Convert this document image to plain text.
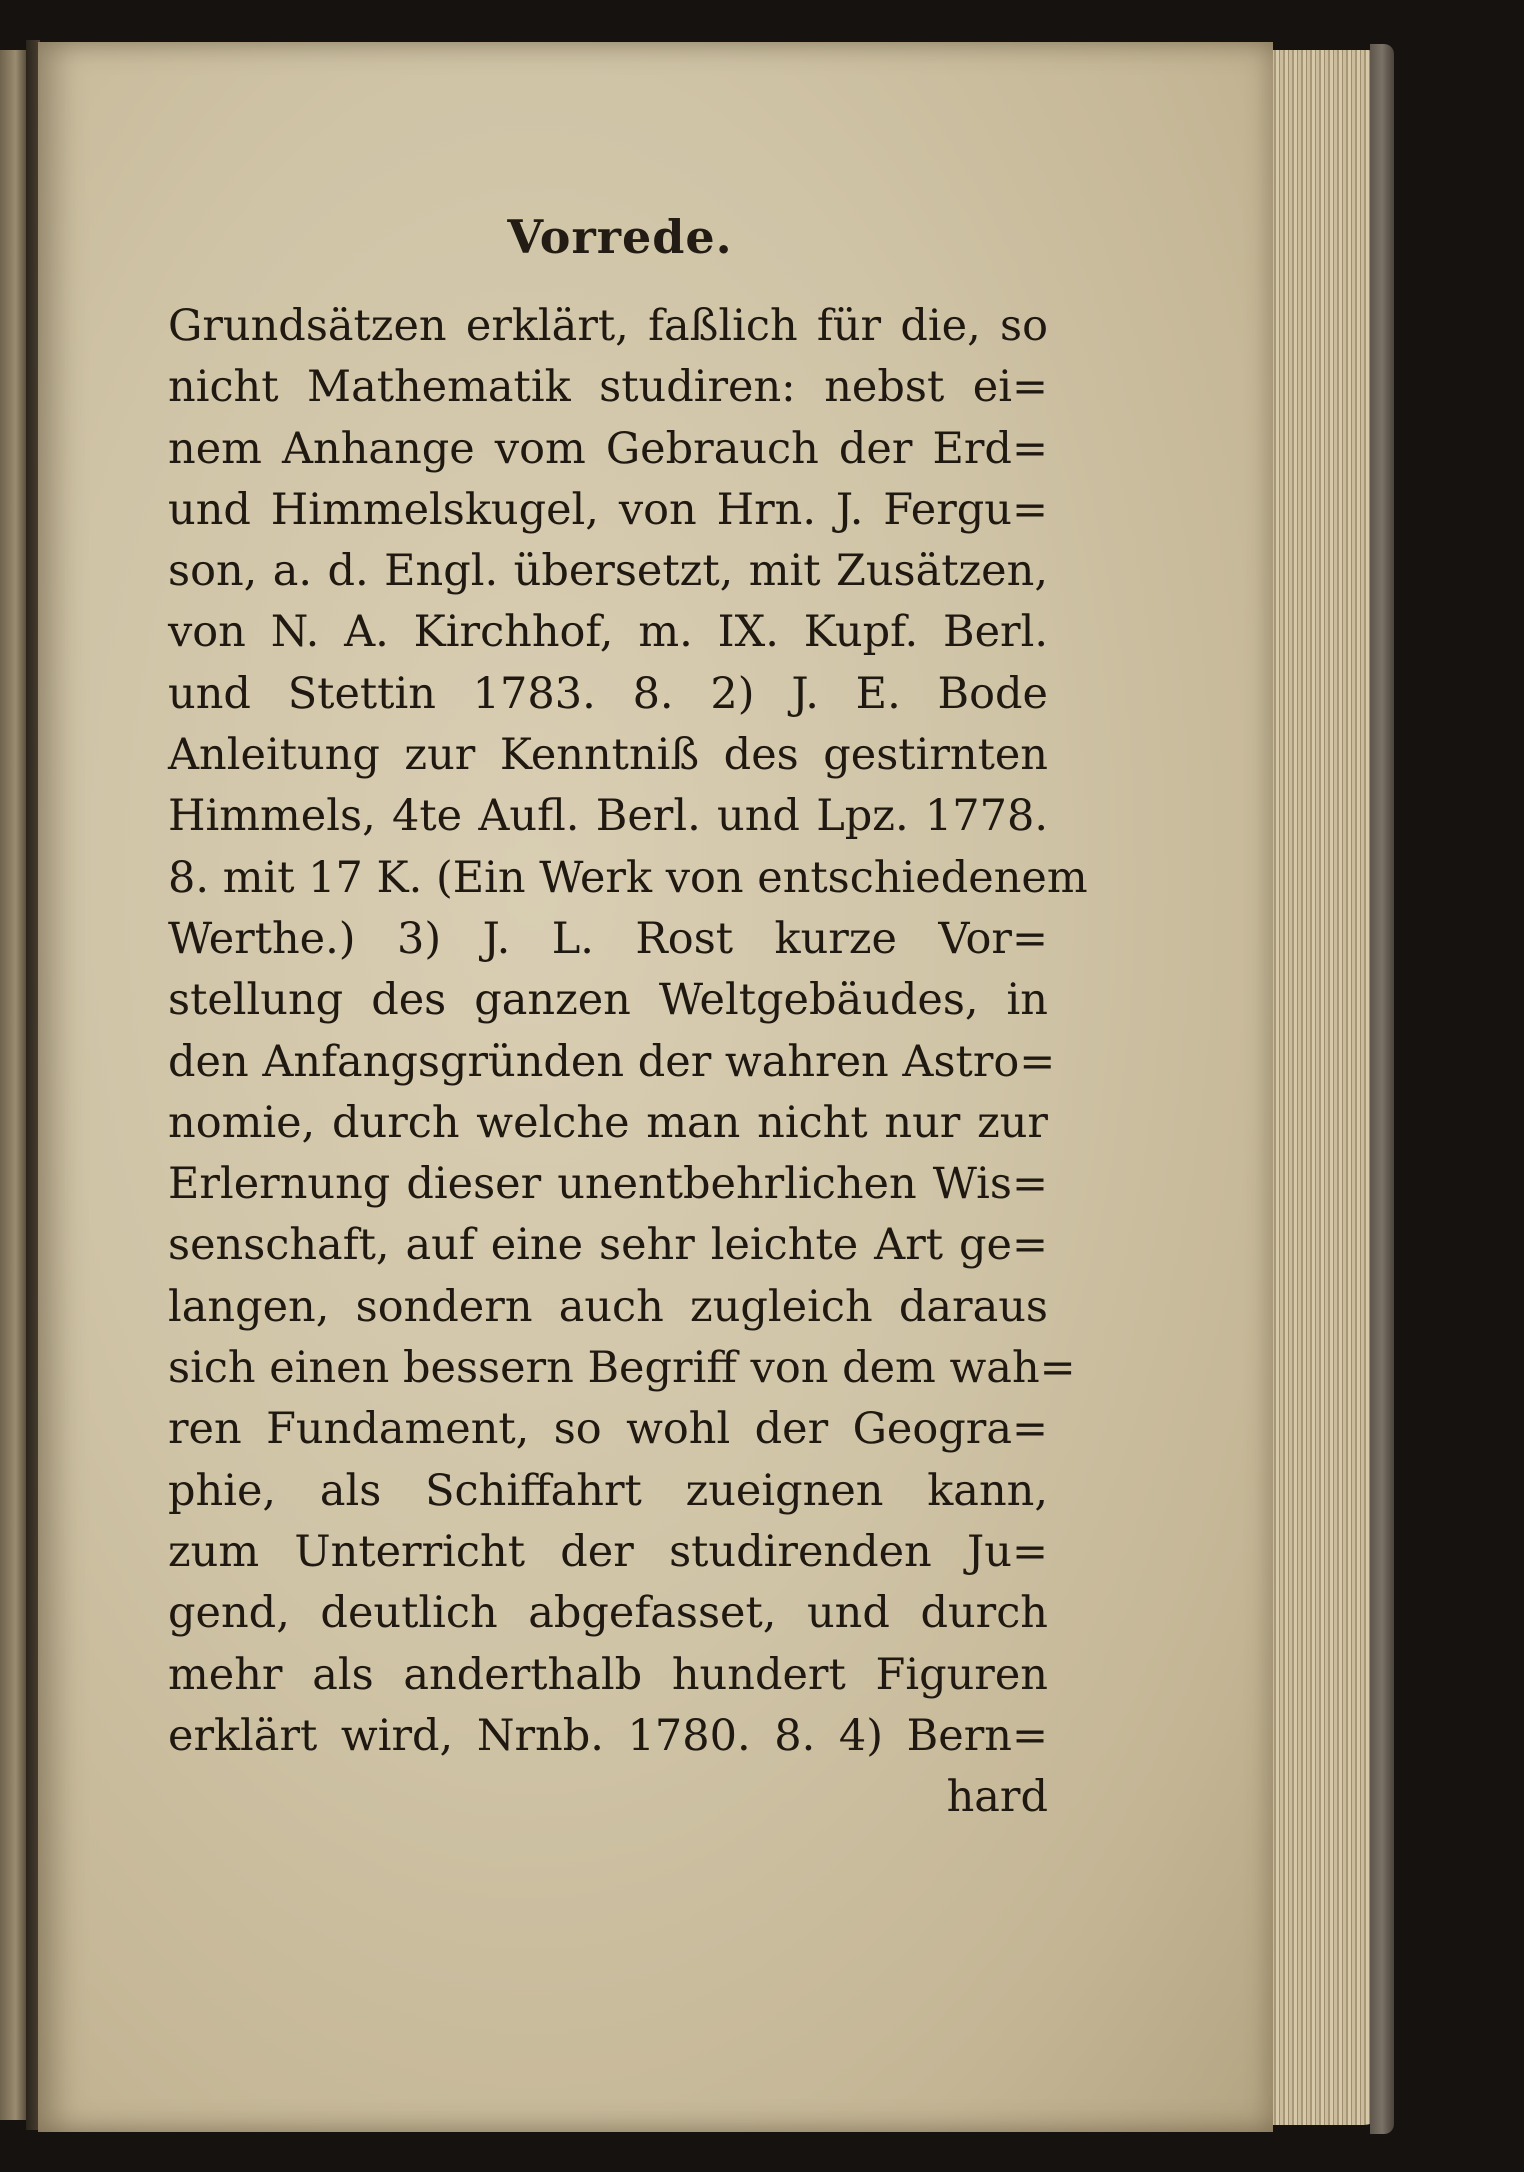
Vorrede.
Grundsätzen erklärt, faßlich für die, so
nicht Mathematik studiren: nebst ei=
nem Anhange vom Gebrauch der Erd=
und Himmelskugel, von Hrn. J. Fergu=
son, a. d. Engl. übersetzt, mit Zusätzen,
von N. A. Kirchhof, m. IX. Kupf. Berl.
und Stettin 1783. 8. 2) J. E. Bode
Anleitung zur Kenntniß des gestirnten
Himmels, 4te Aufl. Berl. und Lpz. 1778.
8. mit 17 K. (Ein Werk von entschiedenem
Werthe.) 3) J. L. Rost kurze Vor=
stellung des ganzen Weltgebäudes, in
den Anfangsgründen der wahren Astro=
nomie, durch welche man nicht nur zur
Erlernung dieser unentbehrlichen Wis=
senschaft, auf eine sehr leichte Art ge=
langen, sondern auch zugleich daraus
sich einen bessern Begriff von dem wah=
ren Fundament, so wohl der Geogra=
phie, als Schiffahrt zueignen kann,
zum Unterricht der studirenden Ju=
gend, deutlich abgefasset, und durch
mehr als anderthalb hundert Figuren
erklärt wird, Nrnb. 1780. 8. 4) Bern=
hard
